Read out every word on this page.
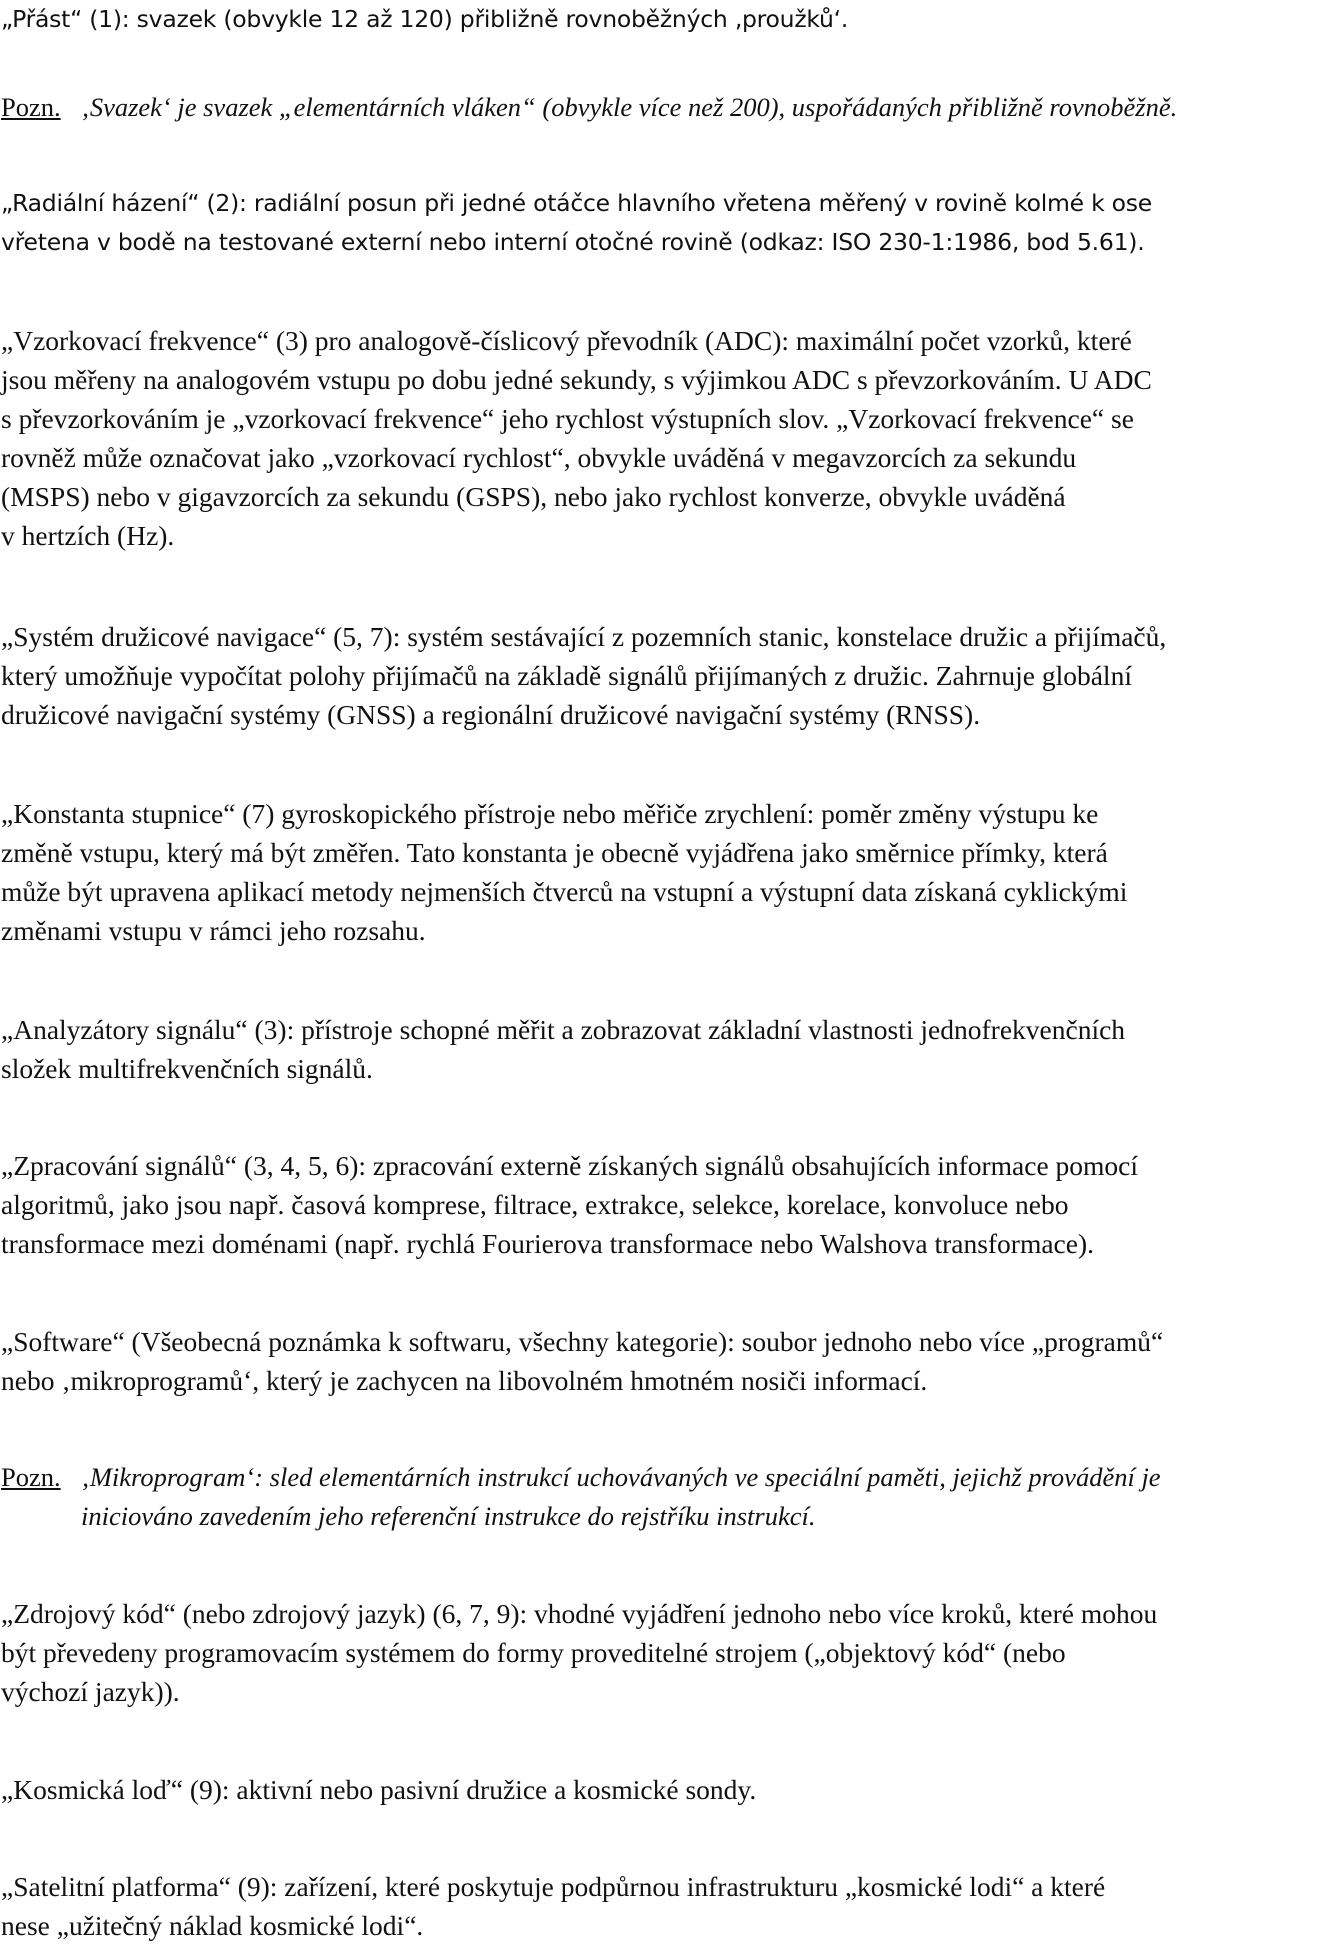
„Přást“ (1): svazek (obvykle 12 až 120) přibližně rovnoběžných ‚proužků‘.

Pozn. ‚Svazek‘ je svazek „elementárních vláken“ (obvykle více než 200), uspořádaných přibližně rovnoběžně.

„Radiální házení“ (2): radiální posun při jedné otáčce hlavního vřetena měřený v rovině kolmé k ose
vřetena v bodě na testované externí nebo interní otočné rovině (odkaz: ISO 230-1:1986, bod 5.61).

„Vzorkovací frekvence“ (3) pro analogově-číslicový převodník (ADC): maximální počet vzorků, které
jsou měřeny na analogovém vstupu po dobu jedné sekundy, s výjimkou ADC s převzorkováním. U ADC
s převzorkováním je „vzorkovací frekvence“ jeho rychlost výstupních slov. „Vzorkovací frekvence“ se
rovněž může označovat jako „vzorkovací rychlost“, obvykle uváděná v megavzorcích za sekundu
(MSPS) nebo v gigavzorcích za sekundu (GSPS), nebo jako rychlost konverze, obvykle uváděná
v hertzích (Hz).

„Systém družicové navigace“ (5, 7): systém sestávající z pozemních stanic, konstelace družic a přijímačů,
který umožňuje vypočítat polohy přijímačů na základě signálů přijímaných z družic. Zahrnuje globální
družicové navigační systémy (GNSS) a regionální družicové navigační systémy (RNSS).

„Konstanta stupnice“ (7) gyroskopického přístroje nebo měřiče zrychlení: poměr změny výstupu ke
změně vstupu, který má být změřen. Tato konstanta je obecně vyjádřena jako směrnice přímky, která
může být upravena aplikací metody nejmenších čtverců na vstupní a výstupní data získaná cyklickými
změnami vstupu v rámci jeho rozsahu.

„Analyzátory signálu“ (3): přístroje schopné měřit a zobrazovat základní vlastnosti jednofrekvenčních
složek multifrekvenčních signálů.

„Zpracování signálů“ (3, 4, 5, 6): zpracování externě získaných signálů obsahujících informace pomocí
algoritmů, jako jsou např. časová komprese, filtrace, extrakce, selekce, korelace, konvoluce nebo
transformace mezi doménami (např. rychlá Fourierova transformace nebo Walshova transformace).

„Software“ (Všeobecná poznámka k softwaru, všechny kategorie): soubor jednoho nebo více „programů“
nebo ‚mikroprogramů‘, který je zachycen na libovolném hmotném nosiči informací.

Pozn. ‚Mikroprogram‘: sled elementárních instrukcí uchovávaných ve speciální paměti, jejichž provádění je
iniciováno zavedením jeho referenční instrukce do rejstříku instrukcí.

„Zdrojový kód“ (nebo zdrojový jazyk) (6, 7, 9): vhodné vyjádření jednoho nebo více kroků, které mohou
být převedeny programovacím systémem do formy proveditelné strojem („objektový kód“ (nebo
výchozí jazyk)).

„Kosmická loď“ (9): aktivní nebo pasivní družice a kosmické sondy.

„Satelitní platforma“ (9): zařízení, které poskytuje podpůrnou infrastrukturu „kosmické lodi“ a které
nese „užitečný náklad kosmické lodi“.
